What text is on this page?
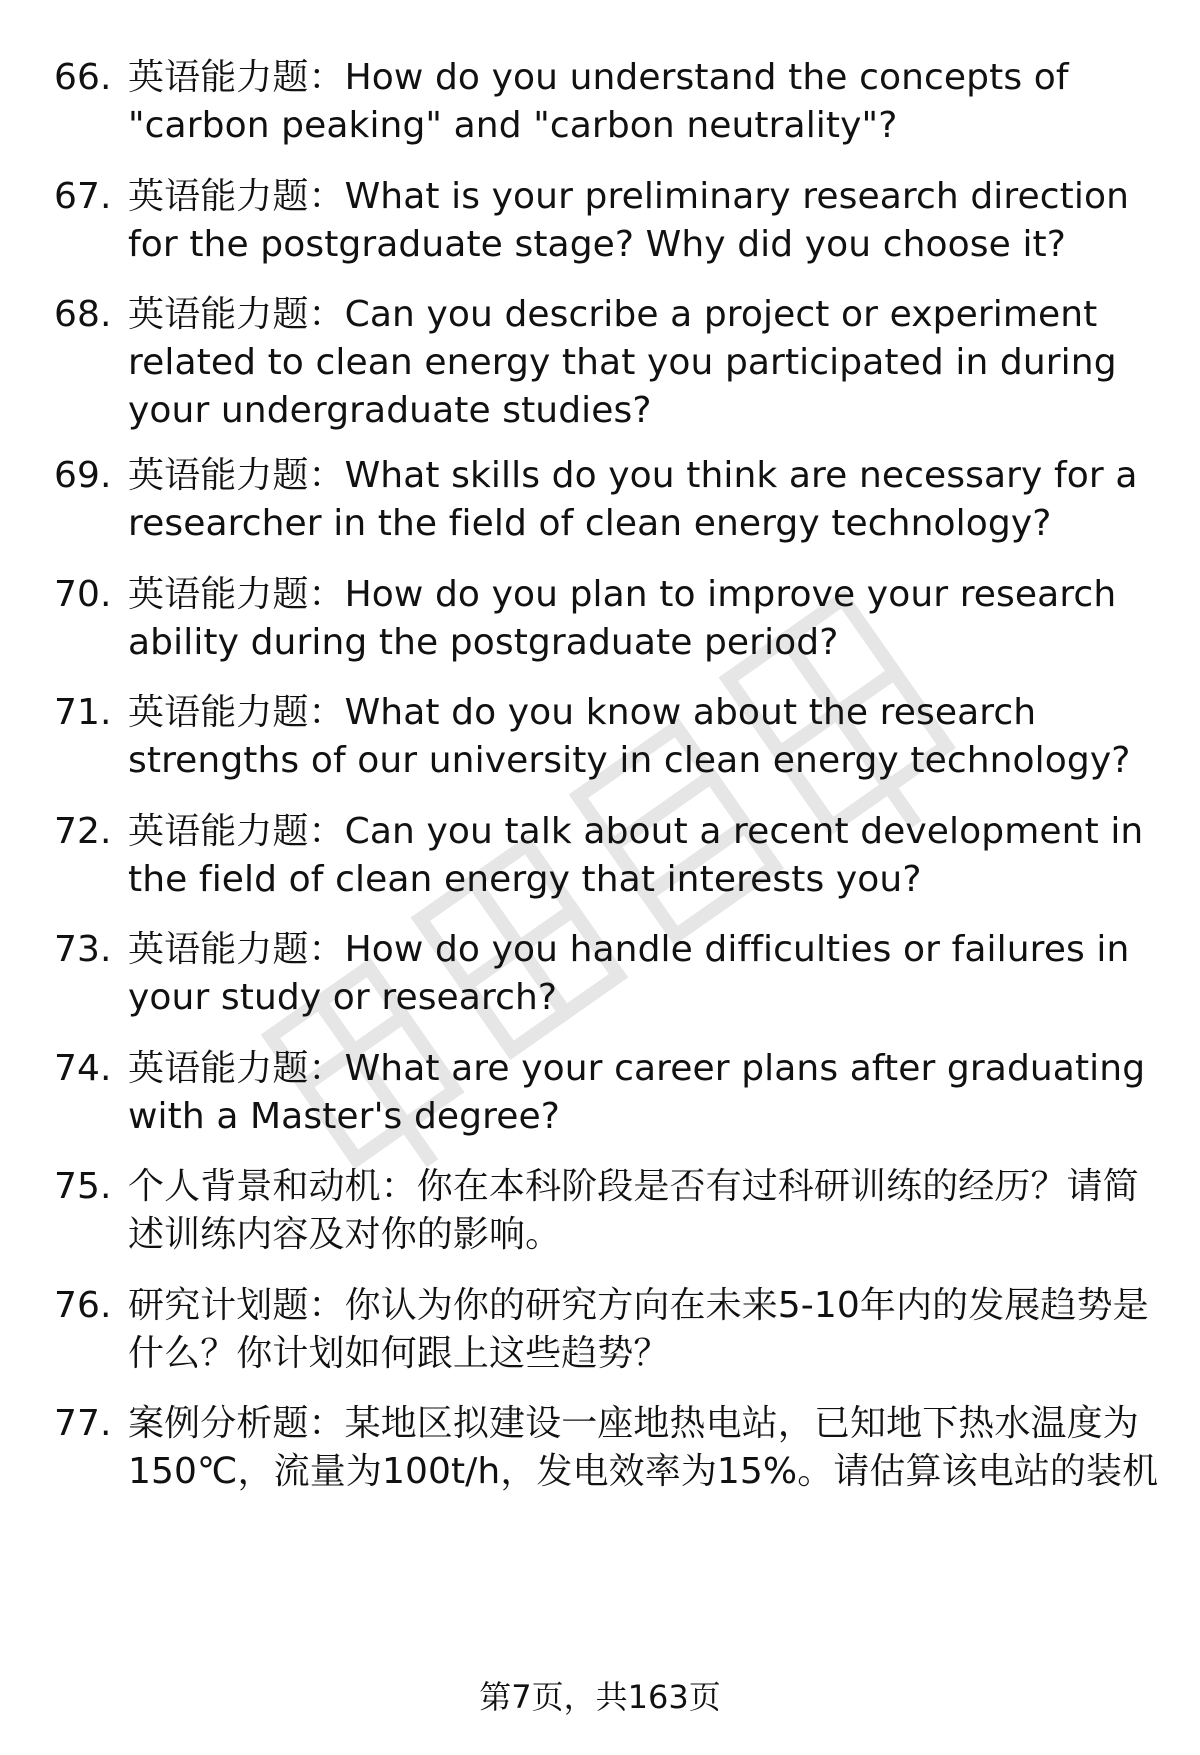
66. 英语能力题：How do you understand the concepts of "carbon peaking" and "carbon neutrality"?
67. 英语能力题：What is your preliminary research direction for the postgraduate stage? Why did you choose it?
68. 英语能力题：Can you describe a project or experiment related to clean energy that you participated in during your undergraduate studies?
69. 英语能力题：What skills do you think are necessary for a researcher in the field of clean energy technology?
70. 英语能力题：How do you plan to improve your research ability during the postgraduate period?
71. 英语能力题：What do you know about the research strengths of our university in clean energy technology?
72. 英语能力题：Can you talk about a recent development in the field of clean energy that interests you?
73. 英语能力题：How do you handle difficulties or failures in your study or research?
74. 英语能力题：What are your career plans after graduating with a Master's degree?
75. 个人背景和动机：你在本科阶段是否有过科研训练的经历？请简述训练内容及对你的影响。
76. 研究计划题：你认为你的研究方向在未来5-10年内的发展趋势是什么？你计划如何跟上这些趋势？
77. 案例分析题：某地区拟建设一座地热电站，已知地下热水温度为150℃，流量为100t/h，发电效率为15%。请估算该电站的装机
第7页，共163页
